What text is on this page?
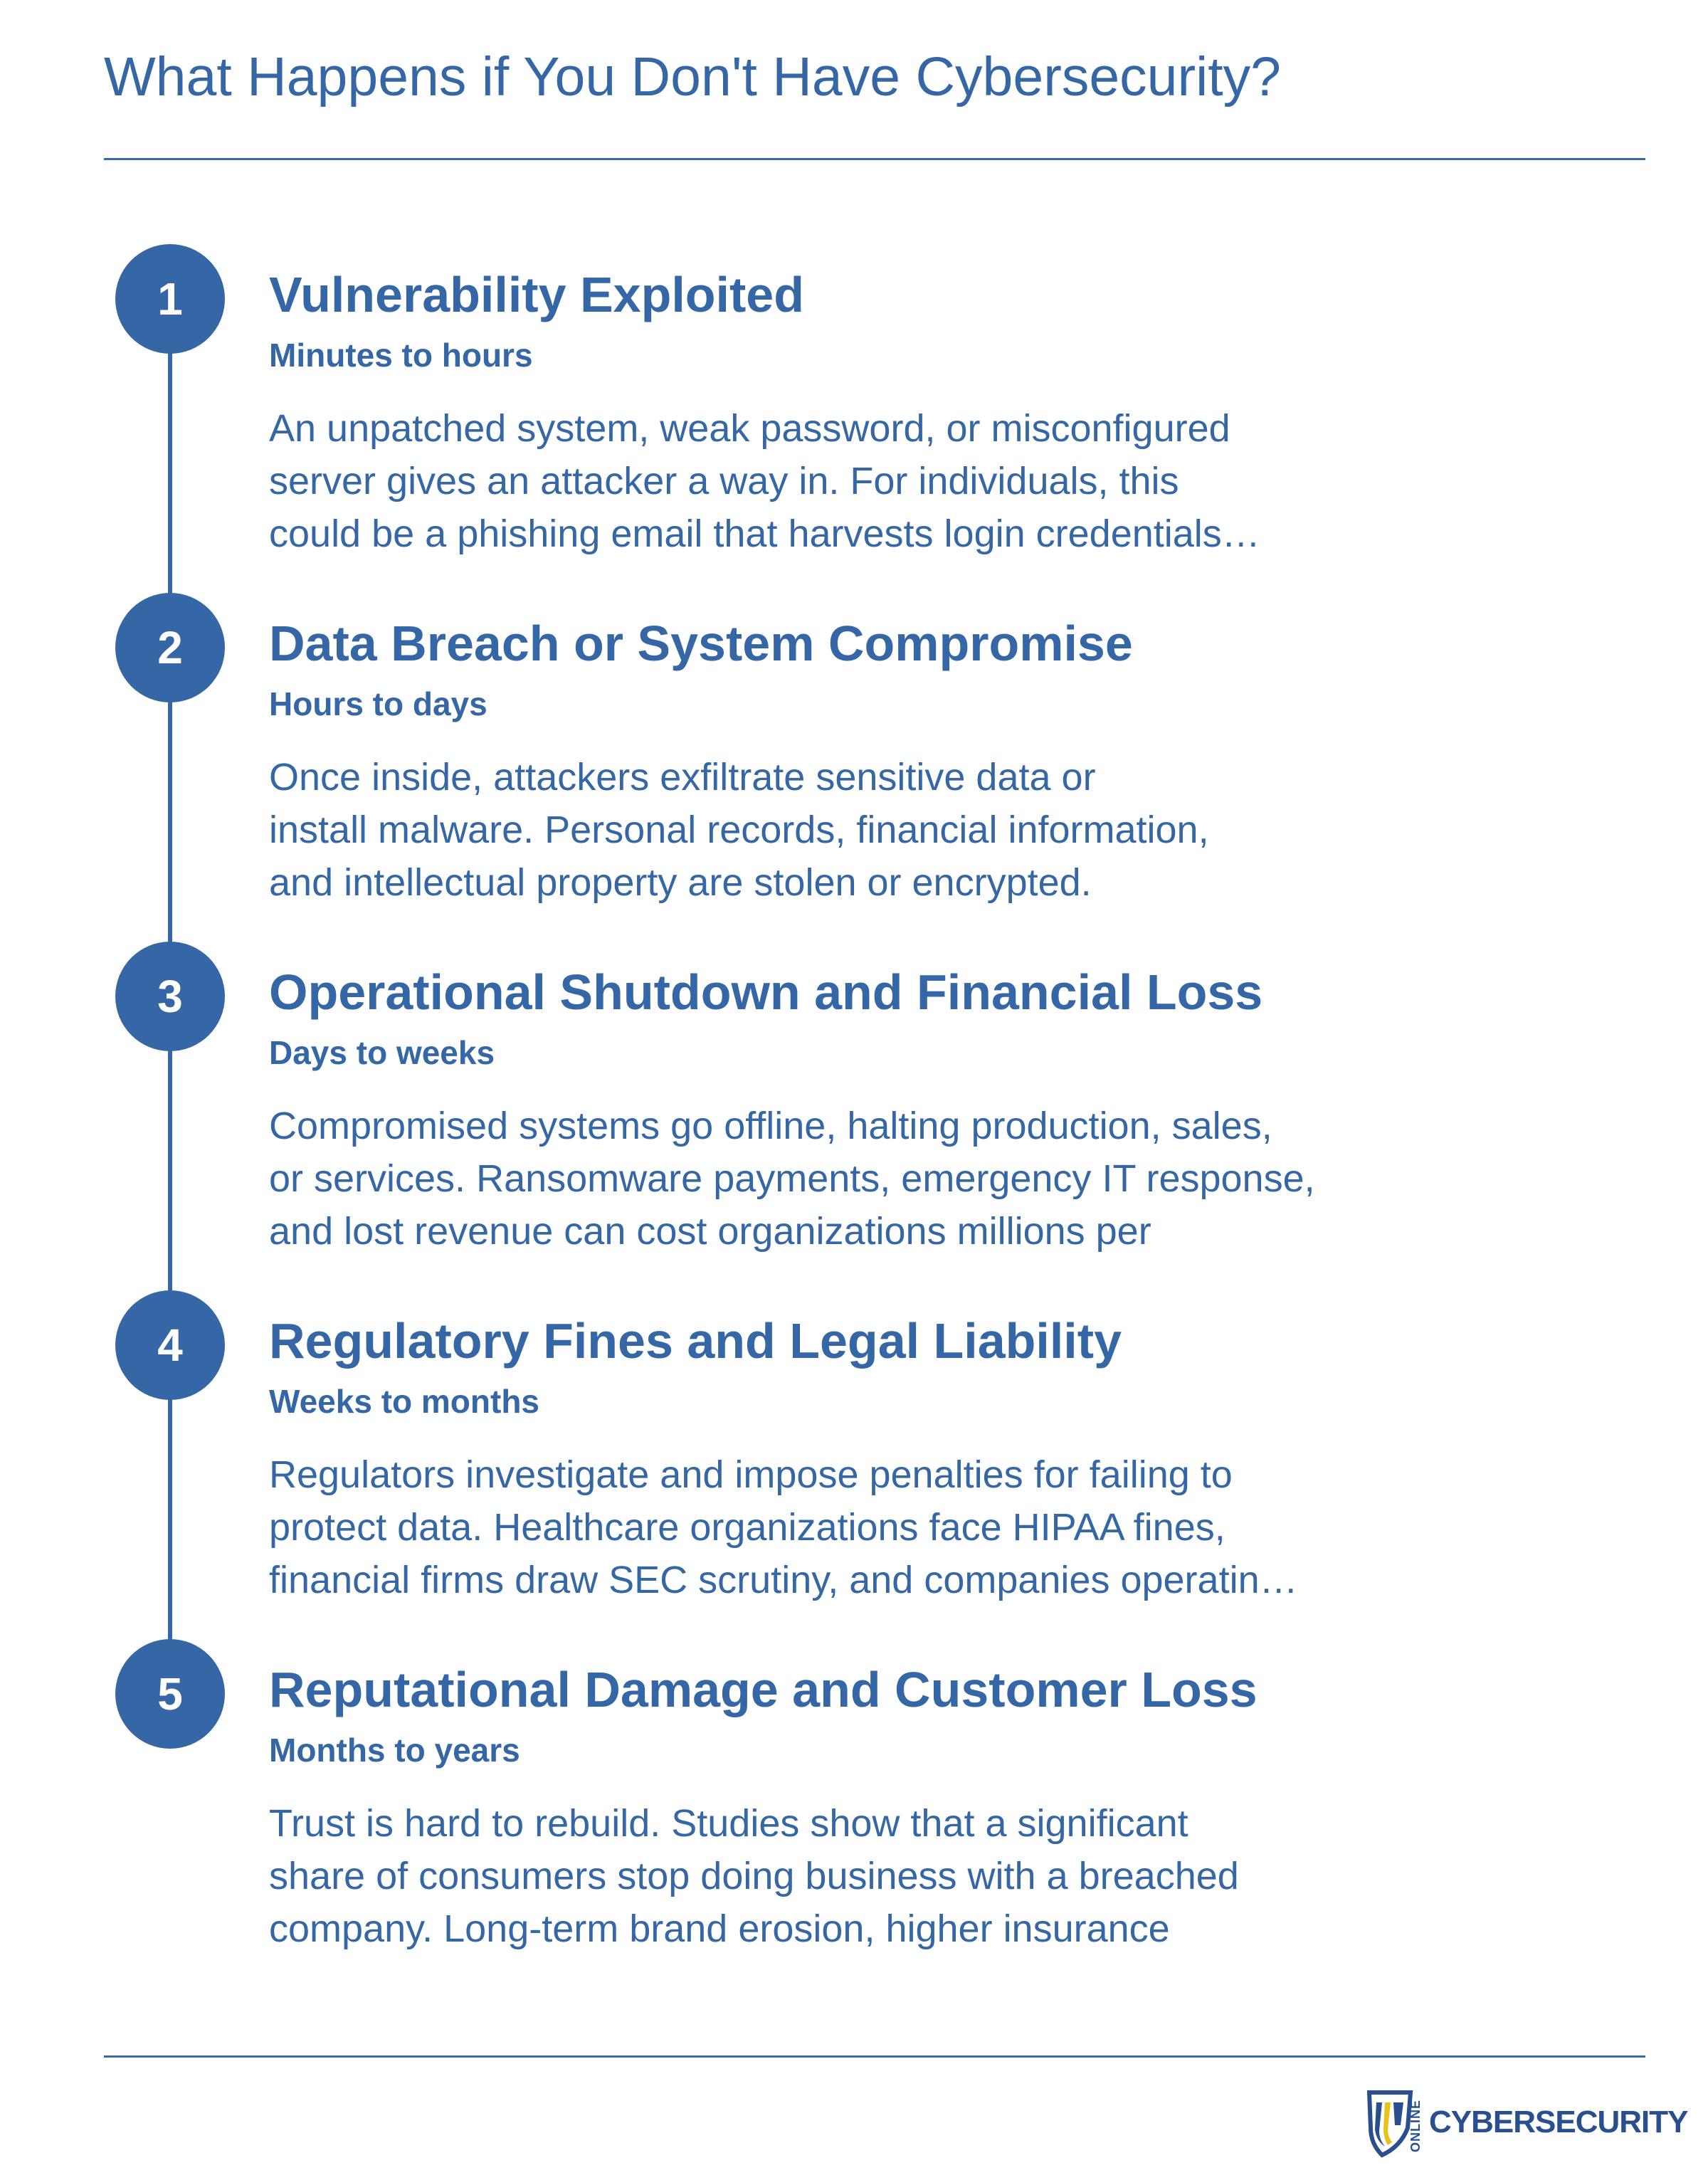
What Happens if You Don't Have Cybersecurity?
1	Vulnerability Exploited
Minutes to hours

An unpatched system, weak password, or misconfigured
server gives an attacker a way in. For individuals, this
could be a phishing email that harvests login credentials…

2	Data Breach or System Compromise
Hours to days

Once inside, attackers exfiltrate sensitive data or
install malware. Personal records, financial information,
and intellectual property are stolen or encrypted.

3	Operational Shutdown and Financial Loss
Days to weeks

Compromised systems go offline, halting production, sales,
or services. Ransomware payments, emergency IT response,
and lost revenue can cost organizations millions per

4	Regulatory Fines and Legal Liability
Weeks to months

Regulators investigate and impose penalties for failing to
protect data. Healthcare organizations face HIPAA fines,
financial firms draw SEC scrutiny, and companies operatin…

5	Reputational Damage and Customer Loss
Months to years

Trust is hard to rebuild. Studies show that a significant
share of consumers stop doing business with a breached
company. Long-term brand erosion, higher insurance

ONLINE CYBERSECURITY
